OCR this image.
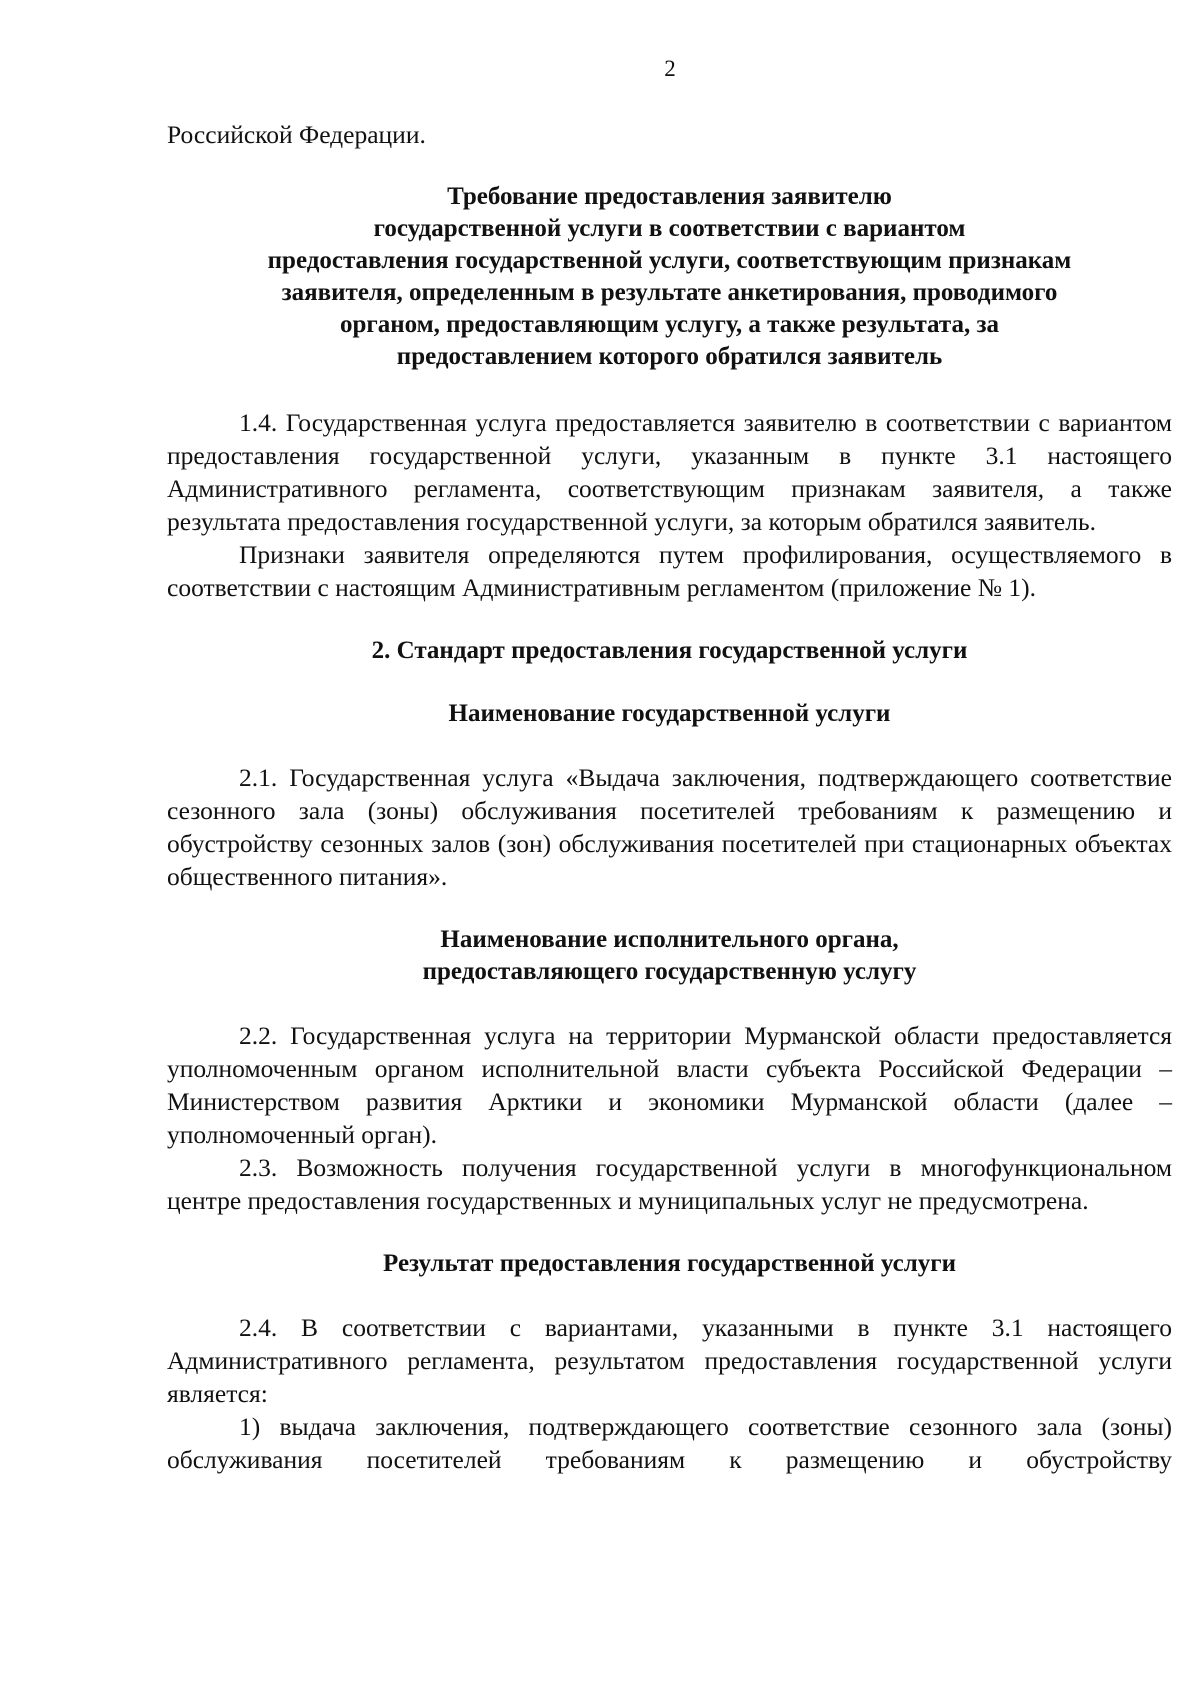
2

Российской Федерации.

Требование предоставления заявителю
государственной услуги в соответствии с вариантом
предоставления государственной услуги, соответствующим признакам
заявителя, определенным в результате анкетирования, проводимого
органом, предоставляющим услугу, а также результата, за
предоставлением которого обратился заявитель

1.4. Государственная услуга предоставляется заявителю в соответствии с вариантом предоставления государственной услуги, указанным в пункте 3.1 настоящего Административного регламента, соответствующим признакам заявителя, а также результата предоставления государственной услуги, за которым обратился заявитель.

Признаки заявителя определяются путем профилирования, осуществляемого в соответствии с настоящим Административным регламентом (приложение № 1).

2. Стандарт предоставления государственной услуги
Наименование государственной услуги

2.1. Государственная услуга «Выдача заключения, подтверждающего соответствие сезонного зала (зоны) обслуживания посетителей требованиям к размещению и обустройству сезонных залов (зон) обслуживания посетителей при стационарных объектах общественного питания».

Наименование исполнительного органа,
предоставляющего государственную услугу

2.2. Государственная услуга на территории Мурманской области предоставляется уполномоченным органом исполнительной власти субъекта Российской Федерации – Министерством развития Арктики и экономики Мурманской области (далее – уполномоченный орган).

2.3. Возможность получения государственной услуги в многофункциональном центре предоставления государственных и муниципальных услуг не предусмотрена.

Результат предоставления государственной услуги

2.4. В соответствии с вариантами, указанными в пункте 3.1 настоящего Административного регламента, результатом предоставления государственной услуги является:

1) выдача заключения, подтверждающего соответствие сезонного зала (зоны) обслуживания посетителей требованиям к размещению и обустройству
